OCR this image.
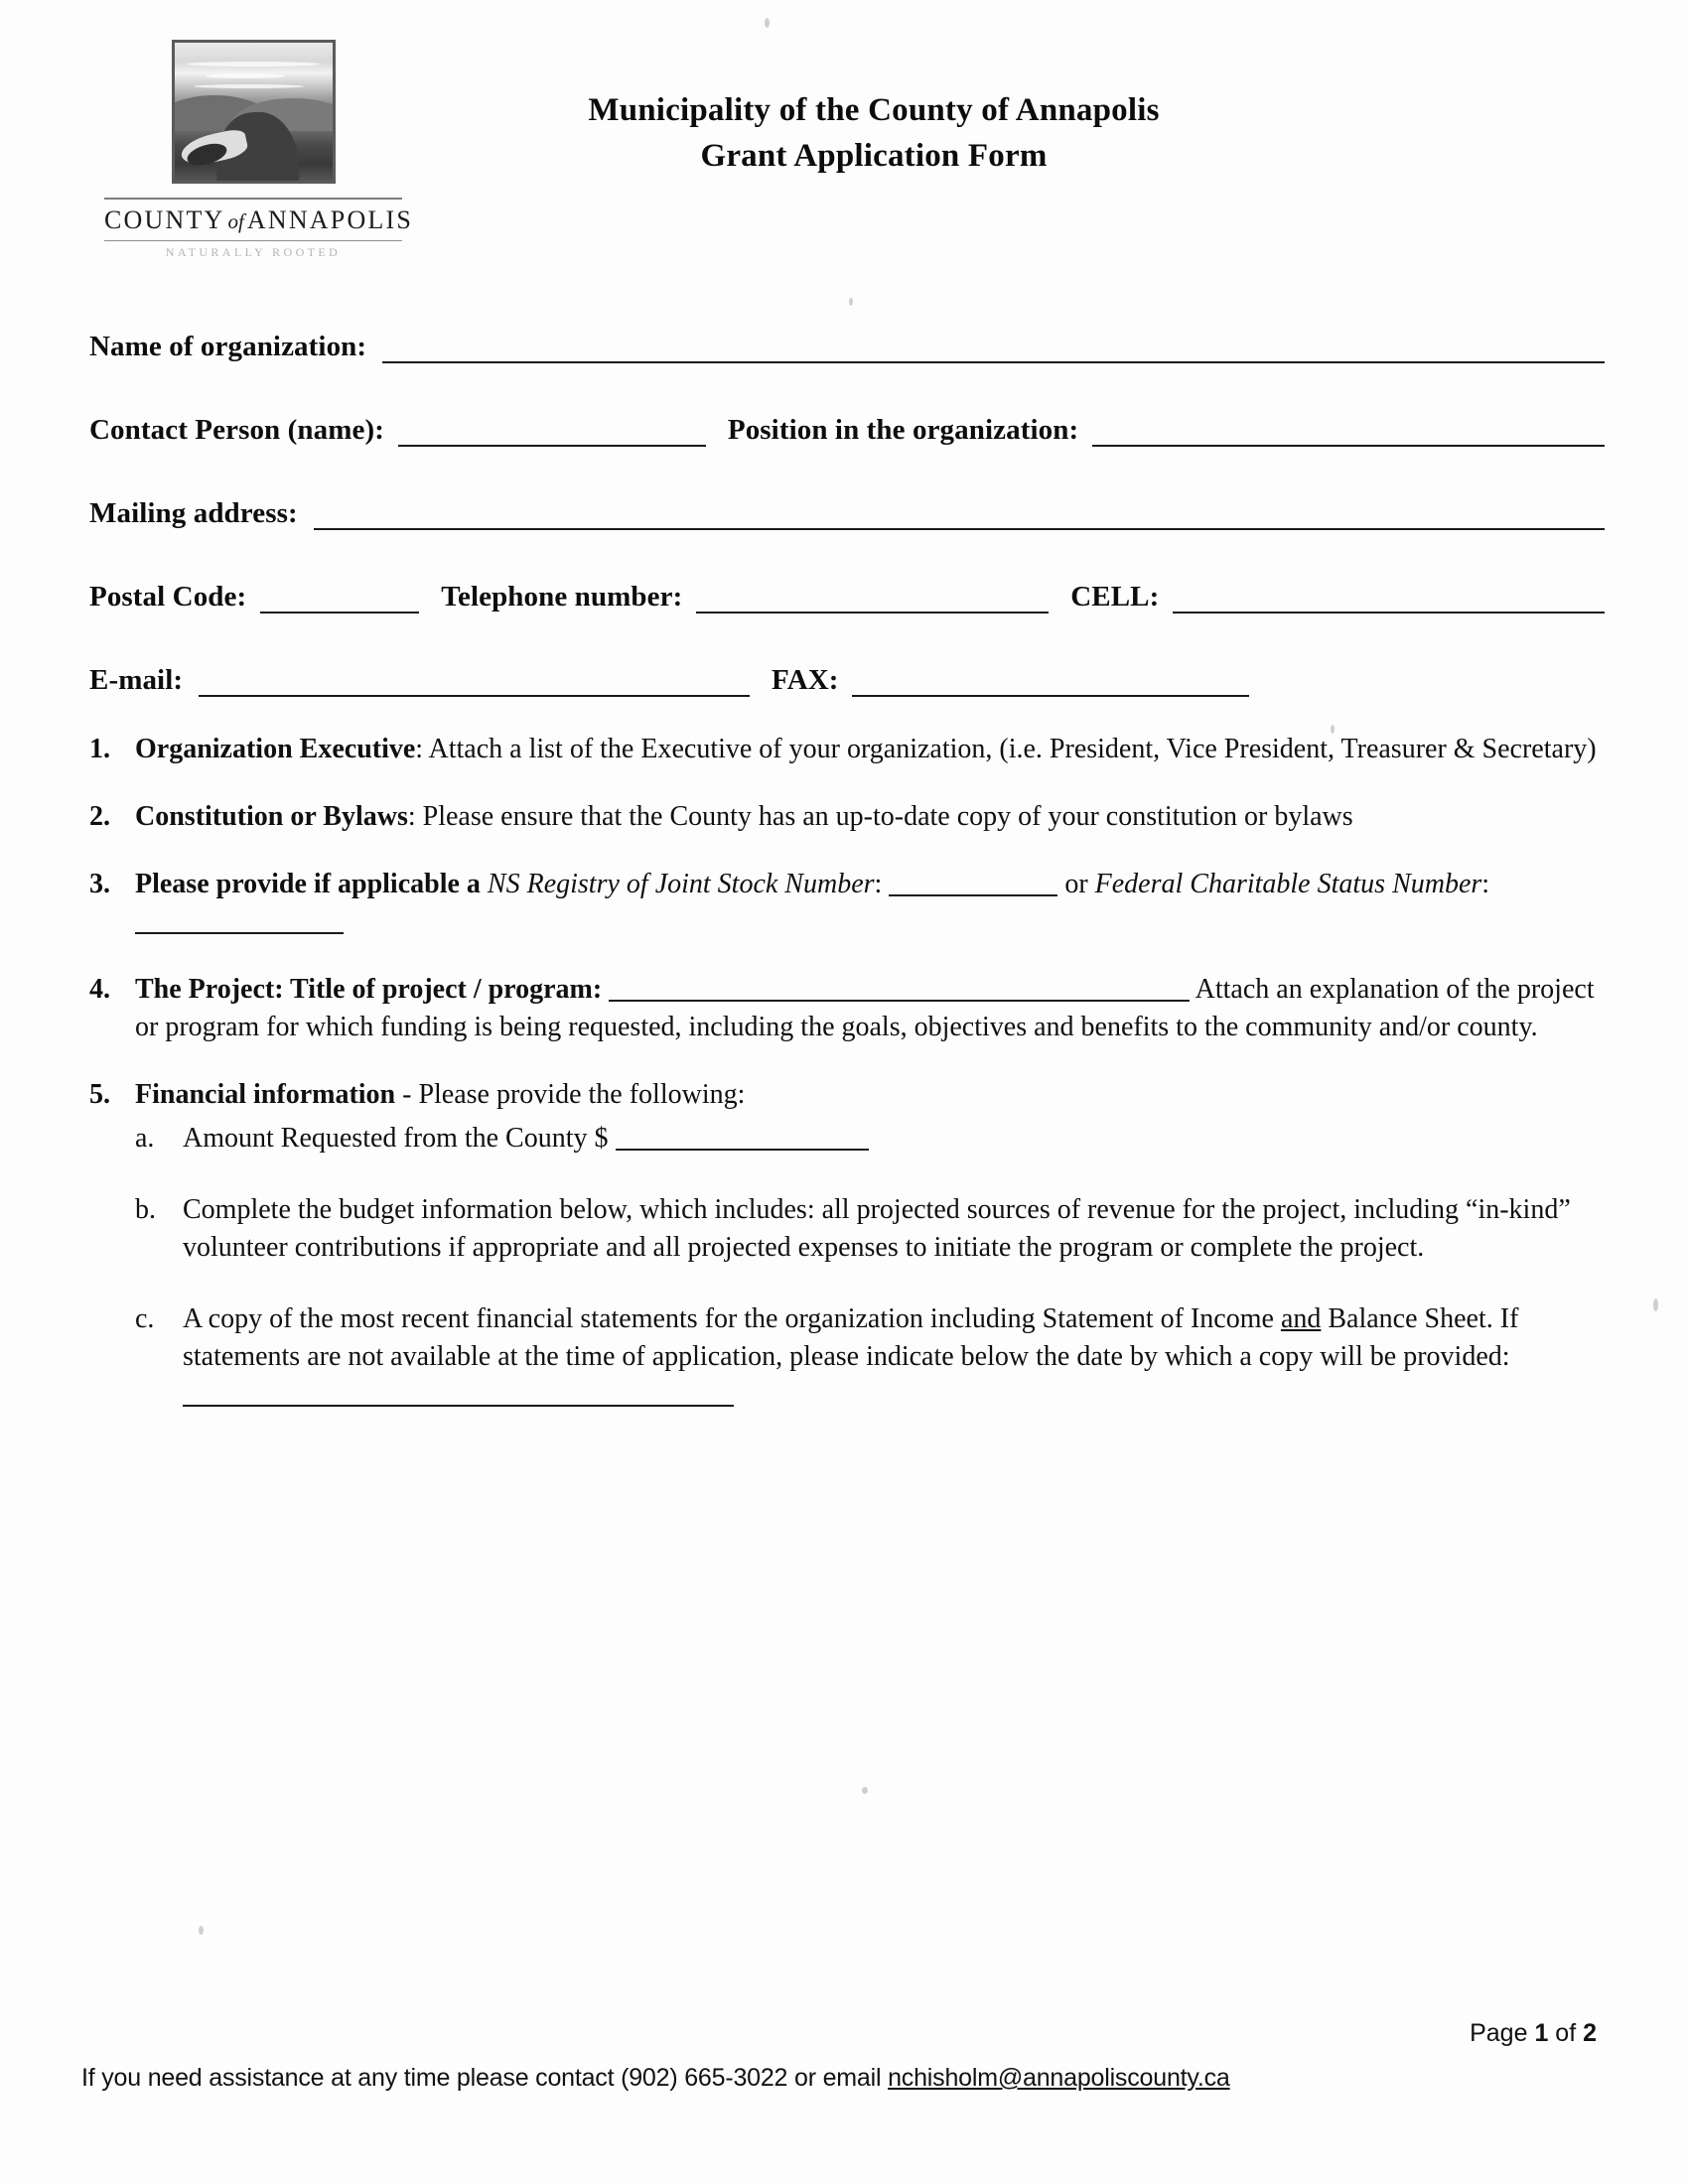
COUNTY of ANNAPOLIS
NATURALLY ROOTED
Municipality of the County of Annapolis
Grant Application Form
Name of organization :
Contact Person (name) :	Position in the organization :
Mailing address :
Postal Code :	Telephone number :	CELL :
E-mail :	FAX :
1. Organization Executive: Attach a list of the Executive of your organization, (i.e. President, Vice President, Treasurer & Secretary)
2. Constitution or Bylaws: Please ensure that the County has an up-to-date copy of your constitution or bylaws
3. Please provide if applicable a NS Registry of Joint Stock Number:	or Federal Charitable Status Number:
4. The Project: Title of project / program:	Attach an explanation of the project or program for which funding is being requested, including the goals, objectives and benefits to the community and/or county.
5. Financial information - Please provide the following:
a.	Amount Requested from the County $
b. Complete the budget information below, which includes: all projected sources of revenue for the project, including “in-kind” volunteer contributions if appropriate and all projected expenses to initiate the program or complete the project.
c.	A copy of the most recent financial statements for the organization including Statement of Income and Balance Sheet. If statements are not available at the time of application, please indicate below the date by which a copy will be provided:
Page 1 of 2
If you need assistance at any time please contact (902) 665-3022 or email nchisholm@annapoliscounty.ca
